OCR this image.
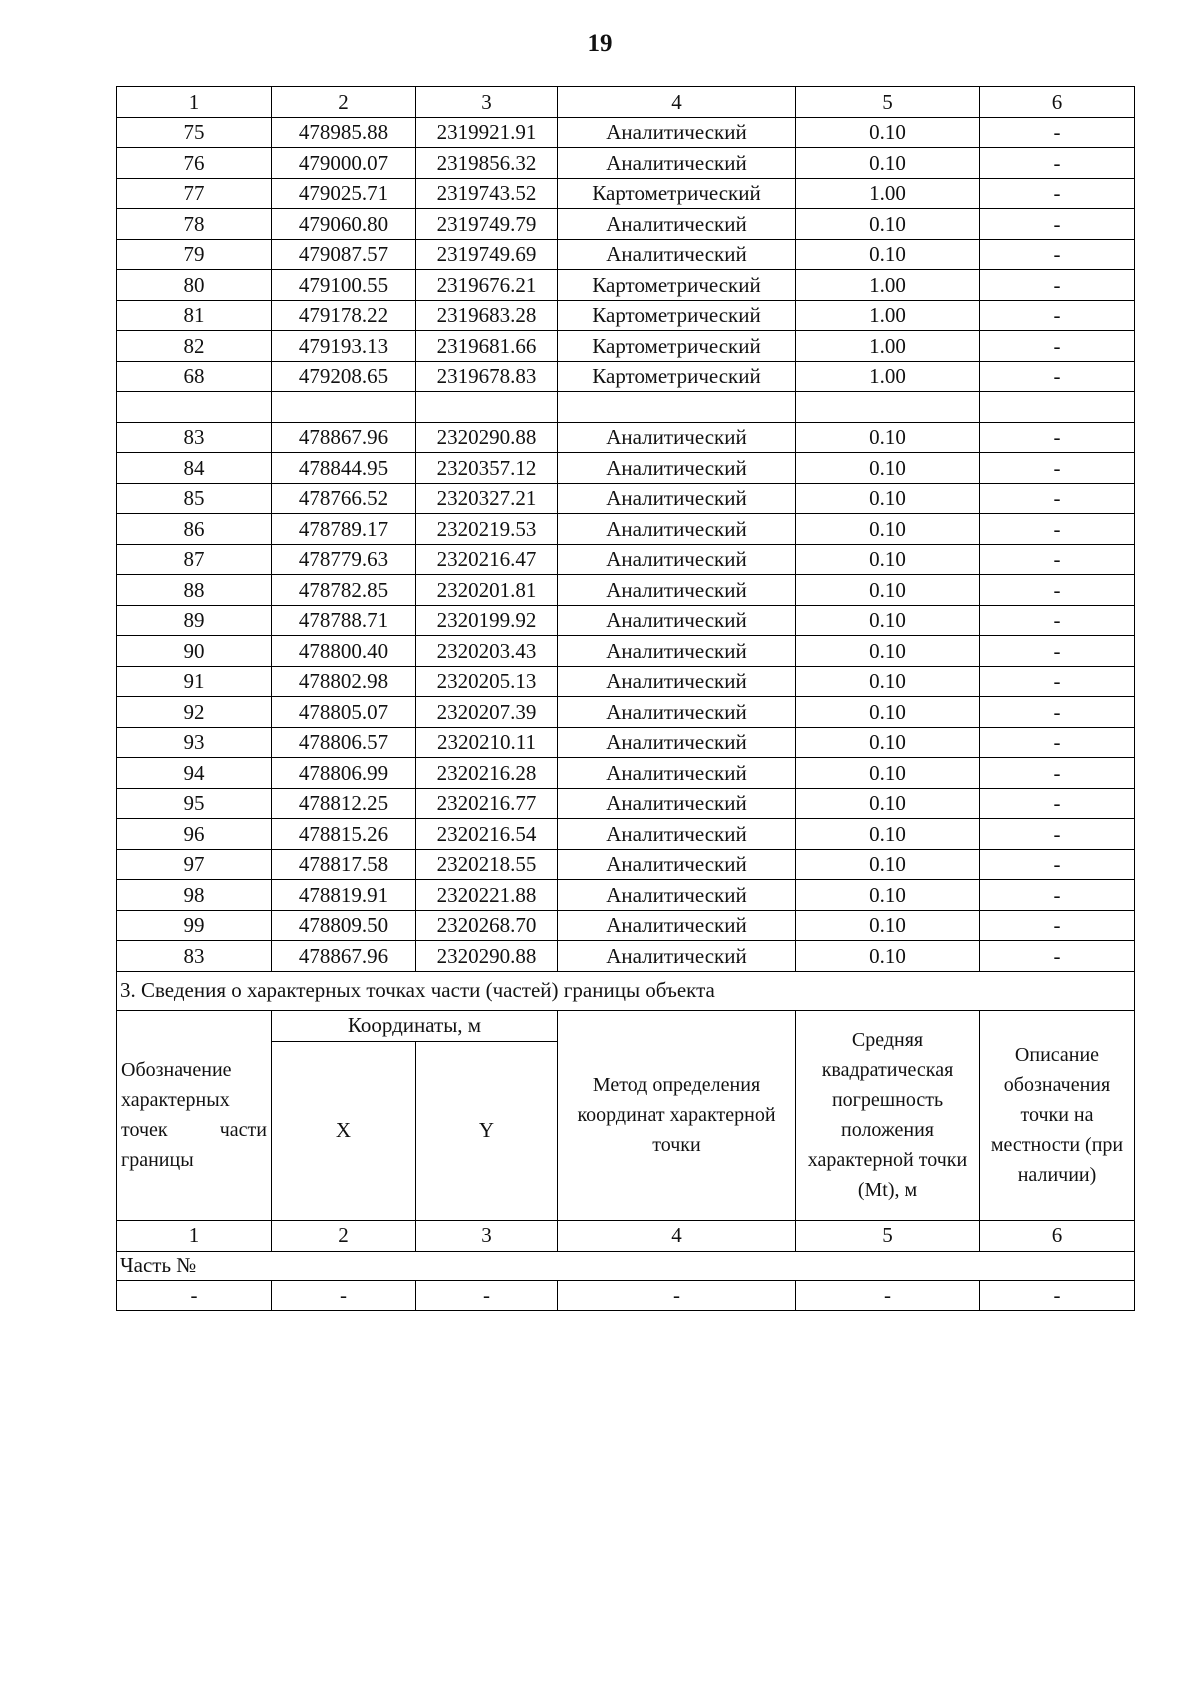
19
1	2	3	4	5	6
75	478985.88	2319921.91	Аналитический	0.10	-
76	479000.07	2319856.32	Аналитический	0.10	-
77	479025.71	2319743.52	Картометрический	1.00	-
78	479060.80	2319749.79	Аналитический	0.10	-
79	479087.57	2319749.69	Аналитический	0.10	-
80	479100.55	2319676.21	Картометрический	1.00	-
81	479178.22	2319683.28	Картометрический	1.00	-
82	479193.13	2319681.66	Картометрический	1.00	-
68	479208.65	2319678.83	Картометрический	1.00	-

83	478867.96	2320290.88	Аналитический	0.10	-
84	478844.95	2320357.12	Аналитический	0.10	-
85	478766.52	2320327.21	Аналитический	0.10	-
86	478789.17	2320219.53	Аналитический	0.10	-
87	478779.63	2320216.47	Аналитический	0.10	-
88	478782.85	2320201.81	Аналитический	0.10	-
89	478788.71	2320199.92	Аналитический	0.10	-
90	478800.40	2320203.43	Аналитический	0.10	-
91	478802.98	2320205.13	Аналитический	0.10	-
92	478805.07	2320207.39	Аналитический	0.10	-
93	478806.57	2320210.11	Аналитический	0.10	-
94	478806.99	2320216.28	Аналитический	0.10	-
95	478812.25	2320216.77	Аналитический	0.10	-
96	478815.26	2320216.54	Аналитический	0.10	-
97	478817.58	2320218.55	Аналитический	0.10	-
98	478819.91	2320221.88	Аналитический	0.10	-
99	478809.50	2320268.70	Аналитический	0.10	-
83	478867.96	2320290.88	Аналитический	0.10	-
3. Сведения о характерных точках части (частей) границы объекта					
Обозначение характерных точек части границы	Координаты, м		Метод определения координат характерной точки	Средняя квадратическая погрешность положения характерной точки (Mt), м	Описание обозначения точки на местности (при наличии)
	X	Y			
1	2	3	4	5	6
Часть №					
-	-	-	-	-	-
